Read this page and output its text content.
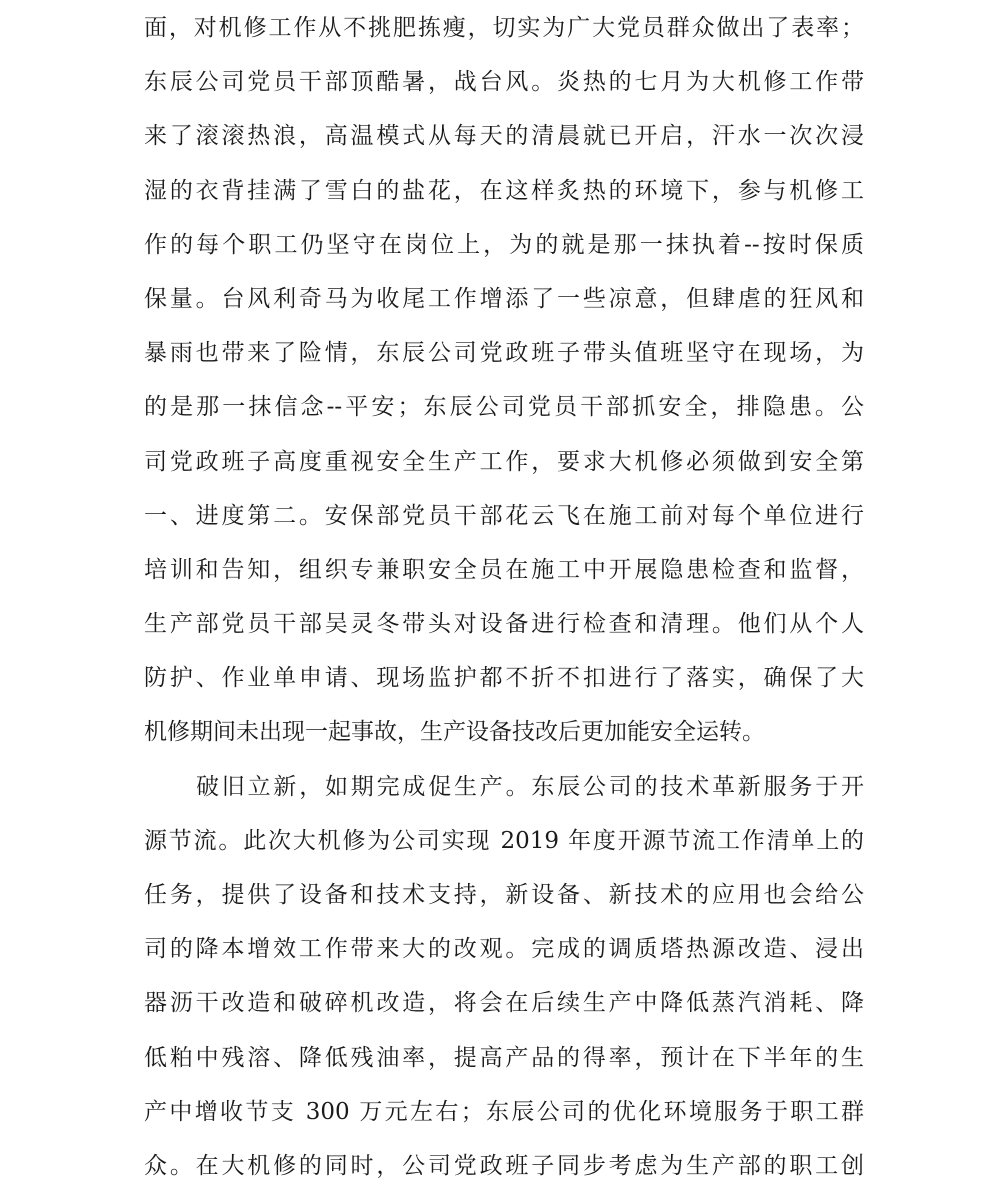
面，对机修工作从不挑肥拣瘦，切实为广大党员群众做出了表率；
东辰公司党员干部顶酷暑，战台风。炎热的七月为大机修工作带
来了滚滚热浪，高温模式从每天的清晨就已开启，汗水一次次浸
湿的衣背挂满了雪白的盐花，在这样炙热的环境下，参与机修工
作的每个职工仍坚守在岗位上，为的就是那一抹执着--按时保质
保量。台风利奇马为收尾工作增添了一些凉意，但肆虐的狂风和
暴雨也带来了险情，东辰公司党政班子带头值班坚守在现场，为
的是那一抹信念--平安；东辰公司党员干部抓安全，排隐患。公
司党政班子高度重视安全生产工作，要求大机修必须做到安全第
一、进度第二。安保部党员干部花云飞在施工前对每个单位进行
培训和告知，组织专兼职安全员在施工中开展隐患检查和监督，
生产部党员干部吴灵冬带头对设备进行检查和清理。他们从个人
防护、作业单申请、现场监护都不折不扣进行了落实，确保了大
机修期间未出现一起事故，生产设备技改后更加能安全运转。
破旧立新，如期完成促生产。东辰公司的技术革新服务于开
源节流。此次大机修为公司实现 2019 年度开源节流工作清单上的
任务，提供了设备和技术支持，新设备、新技术的应用也会给公
司的降本增效工作带来大的改观。完成的调质塔热源改造、浸出
器沥干改造和破碎机改造，将会在后续生产中降低蒸汽消耗、降
低粕中残溶、降低残油率，提高产品的得率，预计在下半年的生
产中增收节支 300 万元左右；东辰公司的优化环境服务于职工群
众。在大机修的同时，公司党政班子同步考虑为生产部的职工创
